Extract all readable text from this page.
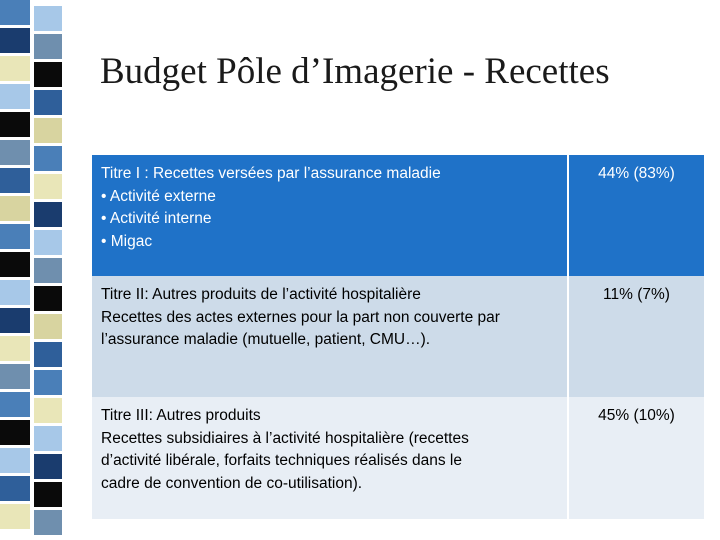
Budget Pôle d’Imagerie - Recettes
Titre I : Recettes versées par l’assurance maladie
• Activité externe
• Activité interne
• Migac
44% (83%)
Titre II: Autres produits de l’activité hospitalière
Recettes des actes externes pour la part non couverte par
l’assurance maladie (mutuelle, patient, CMU…).
11% (7%)
Titre III: Autres produits
Recettes subsidiaires à l’activité hospitalière (recettes
d’activité libérale, forfaits techniques réalisés dans le
cadre de convention de co-utilisation).
45% (10%)
